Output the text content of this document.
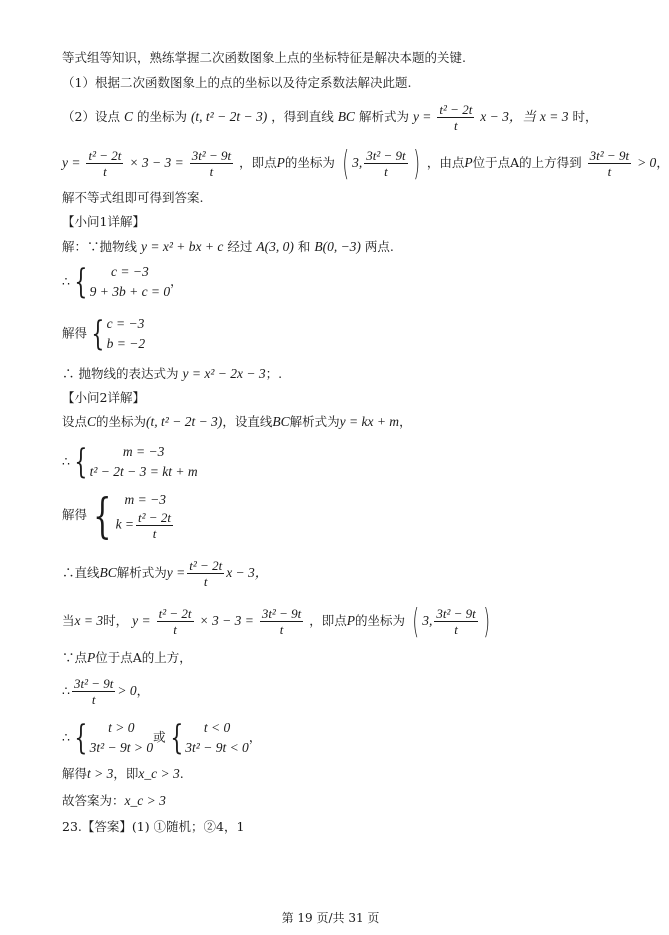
等式组等知识，熟练掌握二次函数图象上点的坐标特征是解决本题的关键.
（1）根据二次函数图象上的点的坐标以及待定系数法解决此题.
（2）设点 C 的坐标为 (t, t² − 2t − 3) ，得到直线 BC 解析式为 $y = \frac{\text{t² − 2t}}{t}$ x − 3，当 x = 3 时，
$y = \frac{\text{t² − 2t}}{t} \times 3 - 3 = \frac{\text{3t² − 9t}}{t}$ ，即点P的坐标为 ( 3, $\frac{\text{3t² − 9t}}{t}$ ) ，由点P位于点A的上方得到 $\frac{\text{3t² − 9t}}{t} > 0$，
解不等式组即可得到答案.
【小问1详解】
解：∵抛物线 y = x² + bx + c 经过 A(3, 0) 和 B(0, −3) 两点.
∴ {	c = −3
9 + 3b + c = 0
，
解得 { c = −3
b = −2
∴ 抛物线的表达式为 y = x² − 2x − 3；.
【小问2详解】
设点C的坐标为(t, t² − 2t − 3)，设直线BC解析式为y = kx + m，
∴ {	m = −3
t² − 2t − 3 = kt + m
解得 { m = −3
$k = \frac{\text{t² − 2t}}{t}$
∴直线BC解析式为$y = \frac{\text{t² − 2t}}{t}$ x − 3，
当x = 3时， $y = \frac{\text{t² − 2t}}{t} \times 3 - 3 = \frac{\text{3t² − 9t}}{t}$ ，即点P的坐标为 ( 3, $\frac{\text{3t² − 9t}}{t}$ )
∵点P位于点A的上方，
∴ $\frac{\text{3t² − 9t}}{t} > 0$，
∴ {	t > 0
3t² − 9t > 0
或 {	t < 0
3t² − 9t < 0
，
解得t > 3，即x_c > 3.
故答案为：x_c > 3
23.【答案】(1) ①随机；②4，1
第 19 页/共 31 页
